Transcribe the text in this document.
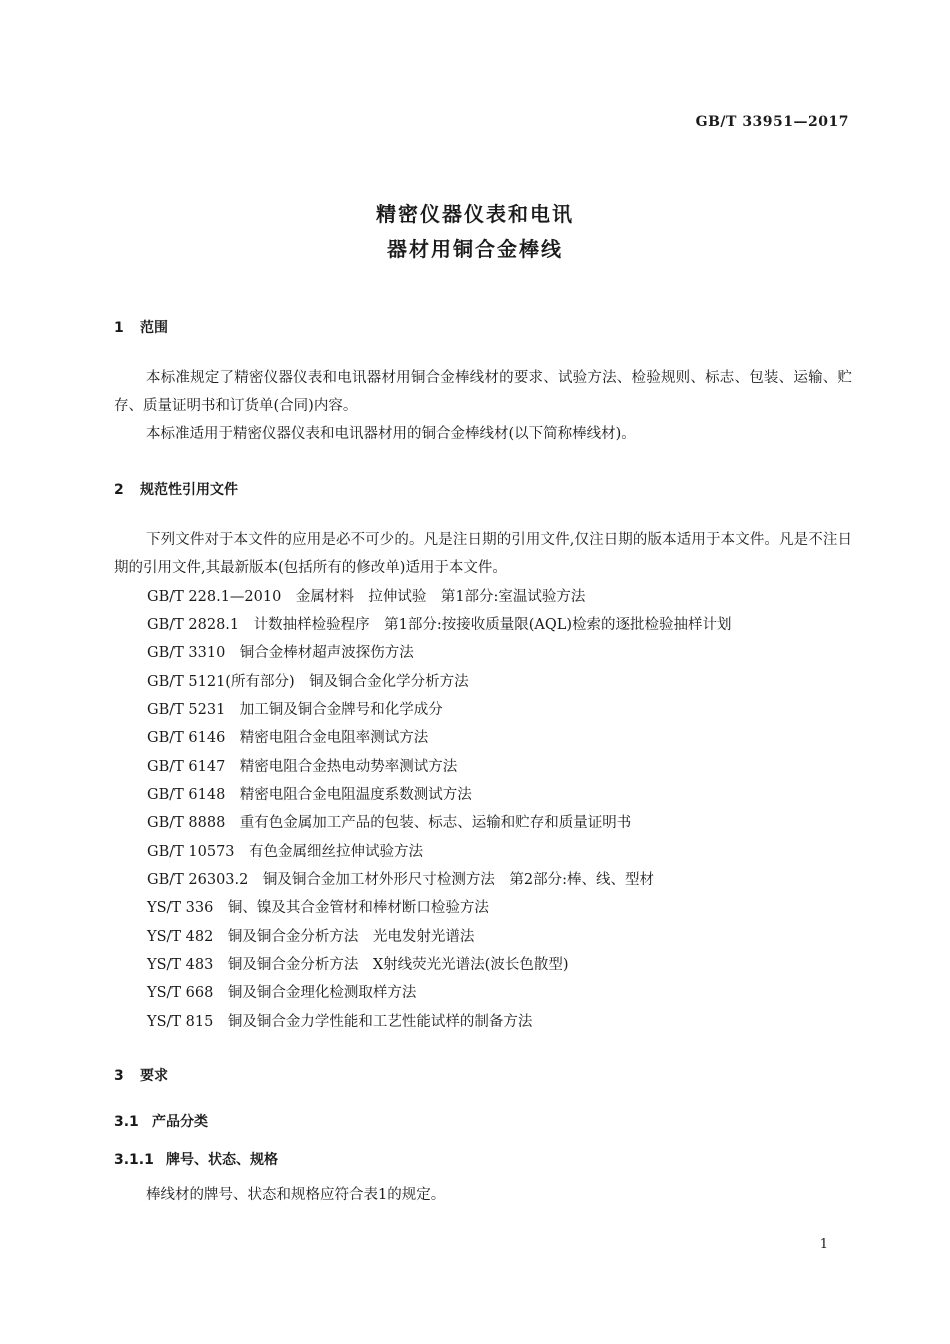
GB/T 33951—2017
精密仪器仪表和电讯
器材用铜合金棒线
1 范围
本标准规定了精密仪器仪表和电讯器材用铜合金棒线材的要求、试验方法、检验规则、标志、包装、运输、贮存、质量证明书和订货单(合同)内容。
本标准适用于精密仪器仪表和电讯器材用的铜合金棒线材(以下简称棒线材)。
2 规范性引用文件
下列文件对于本文件的应用是必不可少的。凡是注日期的引用文件,仅注日期的版本适用于本文件。凡是不注日期的引用文件,其最新版本(包括所有的修改单)适用于本文件。
GB/T 228.1—2010　金属材料　拉伸试验　第1部分:室温试验方法
GB/T 2828.1　计数抽样检验程序　第1部分:按接收质量限(AQL)检索的逐批检验抽样计划
GB/T 3310　铜合金棒材超声波探伤方法
GB/T 5121(所有部分)　铜及铜合金化学分析方法
GB/T 5231　加工铜及铜合金牌号和化学成分
GB/T 6146　精密电阻合金电阻率测试方法
GB/T 6147　精密电阻合金热电动势率测试方法
GB/T 6148　精密电阻合金电阻温度系数测试方法
GB/T 8888　重有色金属加工产品的包装、标志、运输和贮存和质量证明书
GB/T 10573　有色金属细丝拉伸试验方法
GB/T 26303.2　铜及铜合金加工材外形尺寸检测方法　第2部分:棒、线、型材
YS/T 336　铜、镍及其合金管材和棒材断口检验方法
YS/T 482　铜及铜合金分析方法　光电发射光谱法
YS/T 483　铜及铜合金分析方法　X射线荧光光谱法(波长色散型)
YS/T 668　铜及铜合金理化检测取样方法
YS/T 815　铜及铜合金力学性能和工艺性能试样的制备方法
3 要求
3.1 产品分类
3.1.1 牌号、状态、规格
棒线材的牌号、状态和规格应符合表1的规定。
1
